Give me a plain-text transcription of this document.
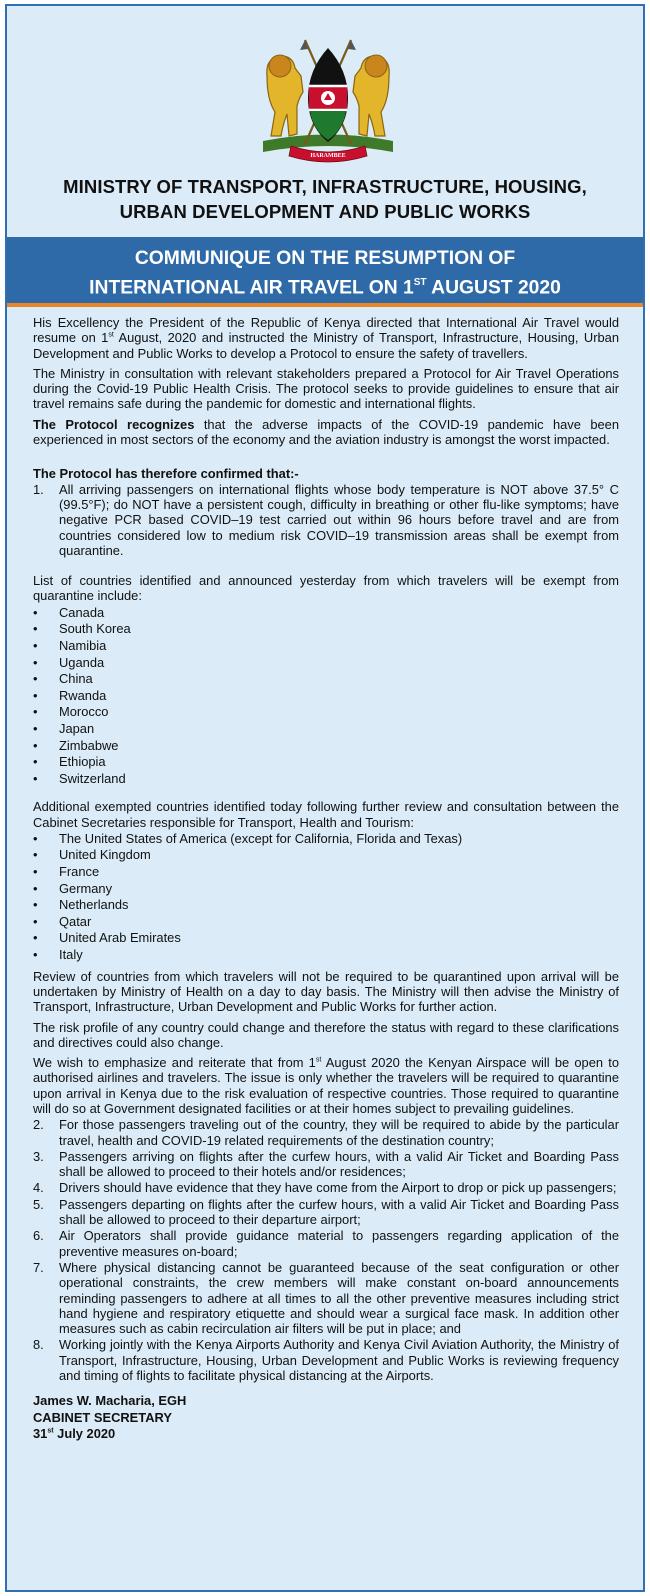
HARAMBEE
MINISTRY OF TRANSPORT, INFRASTRUCTURE, HOUSING,
URBAN DEVELOPMENT AND PUBLIC WORKS
COMMUNIQUE ON THE RESUMPTION OF
INTERNATIONAL AIR TRAVEL ON 1ST AUGUST 2020
His Excellency the President of the Republic of Kenya directed that International Air Travel would resume on 1st August, 2020 and instructed the Ministry of Transport, Infrastructure, Housing, Urban Development and Public Works to develop a Protocol to ensure the safety of travellers.
The Ministry in consultation with relevant stakeholders prepared a Protocol for Air Travel Operations during the Covid-19 Public Health Crisis. The protocol seeks to provide guidelines to ensure that air travel remains safe during the pandemic for domestic and international flights.
The Protocol recognizes that the adverse impacts of the COVID-19 pandemic have been experienced in most sectors of the economy and the aviation industry is amongst the worst impacted.
The Protocol has therefore confirmed that:-
1.	All arriving passengers on international flights whose body temperature is NOT above 37.5° C (99.5°F); do NOT have a persistent cough, difficulty in breathing or other flu-like symptoms; have negative PCR based COVID–19 test carried out within 96 hours before travel and are from countries considered low to medium risk COVID–19 transmission areas shall be exempt from quarantine.
List of countries identified and announced yesterday from which travelers will be exempt from quarantine include:
•	Canada
•	South Korea
•	Namibia
•	Uganda
•	China
•	Rwanda
•	Morocco
•	Japan
•	Zimbabwe
•	Ethiopia
•	Switzerland
Additional exempted countries identified today following further review and consultation between the Cabinet Secretaries responsible for Transport, Health and Tourism:
•	The United States of America (except for California, Florida and Texas)
•	United Kingdom
•	France
•	Germany
•	Netherlands
•	Qatar
•	United Arab Emirates
•	Italy
Review of countries from which travelers will not be required to be quarantined upon arrival will be undertaken by Ministry of Health on a day to day basis. The Ministry will then advise the Ministry of Transport, Infrastructure, Urban Development and Public Works for further action.
The risk profile of any country could change and therefore the status with regard to these clarifications and directives could also change.
We wish to emphasize and reiterate that from 1st August 2020 the Kenyan Airspace will be open to authorised airlines and travelers. The issue is only whether the travelers will be required to quarantine upon arrival in Kenya due to the risk evaluation of respective countries. Those required to quarantine will do so at Government designated facilities or at their homes subject to prevailing guidelines.
2.	For those passengers traveling out of the country, they will be required to abide by the particular travel, health and COVID-19 related requirements of the destination country;
3.	Passengers arriving on flights after the curfew hours, with a valid Air Ticket and Boarding Pass shall be allowed to proceed to their hotels and/or residences;
4.	Drivers should have evidence that they have come from the Airport to drop or pick up passengers;
5.	Passengers departing on flights after the curfew hours, with a valid Air Ticket and Boarding Pass shall be allowed to proceed to their departure airport;
6.	Air Operators shall provide guidance material to passengers regarding application of the preventive measures on-board;
7.	Where physical distancing cannot be guaranteed because of the seat configuration or other operational constraints, the crew members will make constant on-board announcements reminding passengers to adhere at all times to all the other preventive measures including strict hand hygiene and respiratory etiquette and should wear a surgical face mask. In addition other measures such as cabin recirculation air filters will be put in place; and
8.	Working jointly with the Kenya Airports Authority and Kenya Civil Aviation Authority, the Ministry of Transport, Infrastructure, Housing, Urban Development and Public Works is reviewing frequency and timing of flights to facilitate physical distancing at the Airports.
James W. Macharia, EGH
CABINET SECRETARY
31st July 2020
